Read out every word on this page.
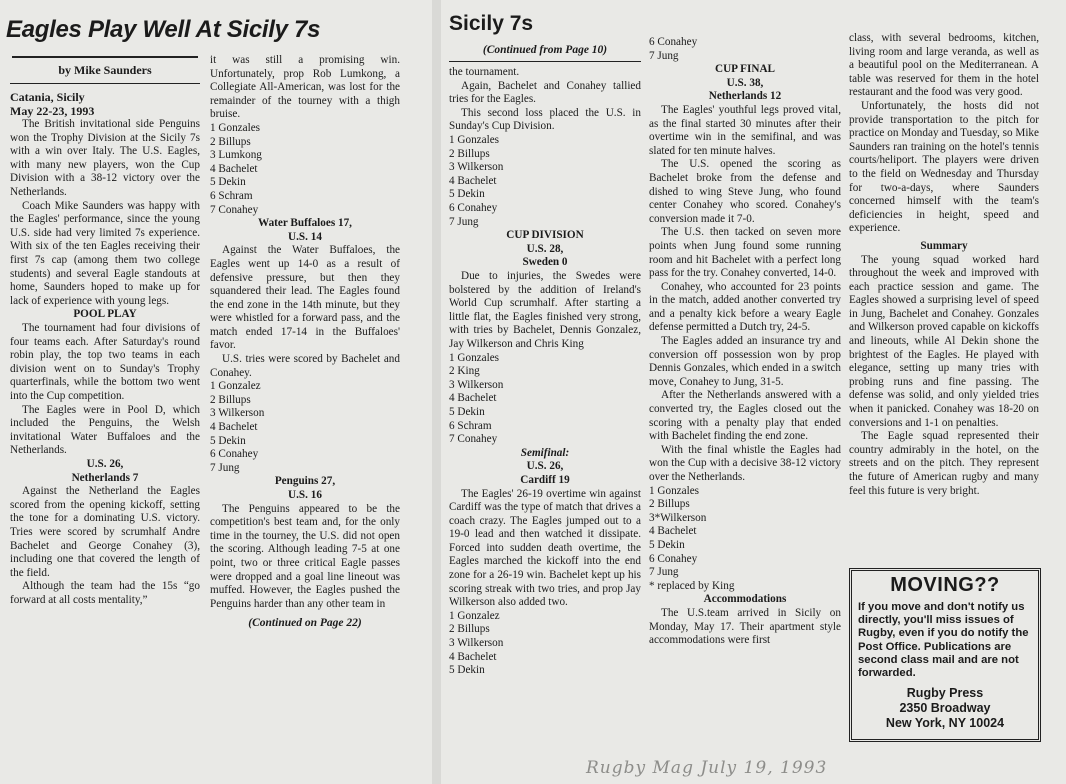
Eagles Play Well At Sicily 7s
by Mike Saunders
Catania, Sicily
May 22-23, 1993

The British invitational side Penguins won the Trophy Division at the Sicily 7s with a win over Italy. The U.S. Eagles, with many new players, won the Cup Division with a 38-12 victory over the Netherlands.

Coach Mike Saunders was happy with the Eagles' performance, since the young U.S. side had very limited 7s experience. With six of the ten Eagles receiving their first 7s cap (among them two college students) and several Eagle standouts at home, Saunders hoped to make up for lack of experience with young legs.

POOL PLAY

The tournament had four divisions of four teams each. After Saturday's round robin play, the top two teams in each division went on to Sunday's Trophy quarterfinals, while the bottom two went into the Cup competition.

The Eagles were in Pool D, which included the Penguins, the Welsh invitational Water Buffaloes and the Netherlands.

U.S. 26,
Netherlands 7

Against the Netherland the Eagles scored from the opening kickoff, setting the tone for a dominating U.S. victory. Tries were scored by scrumhalf Andre Bachelet and George Conahey (3), including one that covered the length of the field.

Although the team had the 15s “go forward at all costs mentality,”

it was still a promising win. Unfortunately, prop Rob Lumkong, a Collegiate All-American, was lost for the remainder of the tourney with a thigh bruise.

1 Gonzales
2 Billups
3 Lumkong
4 Bachelet
5 Dekin
6 Schram
7 Conahey
Water Buffaloes 17,
U.S. 14

Against the Water Buffaloes, the Eagles went up 14-0 as a result of defensive pressure, but then they squandered their lead. The Eagles found the end zone in the 14th minute, but they were whistled for a forward pass, and the match ended 17-14 in the Buffaloes' favor.

U.S. tries were scored by Bachelet and Conahey.

1 Gonzalez
2 Billups
3 Wilkerson
4 Bachelet
5 Dekin
6 Conahey
7 Jung
Penguins 27,
U.S. 16

The Penguins appeared to be the competition's best team and, for the only time in the tourney, the U.S. did not open the scoring. Although leading 7-5 at one point, two or three critical Eagle passes were dropped and a goal line lineout was muffed. However, the Eagles pushed the Penguins harder than any other team in

(Continued on Page 22)
Sicily 7s
(Continued from Page 10)

the tournament.

Again, Bachelet and Conahey tallied tries for the Eagles.

This second loss placed the U.S. in Sunday's Cup Division.

1 Gonzales
2 Billups
3 Wilkerson
4 Bachelet
5 Dekin
6 Conahey
7 Jung
CUP DIVISION
U.S. 28,
Sweden 0

Due to injuries, the Swedes were bolstered by the addition of Ireland's World Cup scrumhalf. After starting a little flat, the Eagles finished very strong, with tries by Bachelet, Dennis Gonzalez, Jay Wilkerson and Chris King

1 Gonzales
2 King
3 Wilkerson
4 Bachelet
5 Dekin
6 Schram
7 Conahey
Semifinal:
U.S. 26,
Cardiff 19

The Eagles' 26-19 overtime win against Cardiff was the type of match that drives a coach crazy. The Eagles jumped out to a 19-0 lead and then watched it dissipate. Forced into sudden death overtime, the Eagles marched the kickoff into the end zone for a 26-19 win. Bachelet kept up his scoring streak with two tries, and prop Jay Wilkerson also added two.

1 Gonzalez
2 Billups
3 Wilkerson
4 Bachelet
5 Dekin
6 Conahey
7 Jung
CUP FINAL
U.S. 38,
Netherlands 12

The Eagles' youthful legs proved vital, as the final started 30 minutes after their overtime win in the semifinal, and was slated for ten minute halves.

The U.S. opened the scoring as Bachelet broke from the defense and dished to wing Steve Jung, who found center Conahey who scored. Conahey's conversion made it 7-0.

The U.S. then tacked on seven more points when Jung found some running room and hit Bachelet with a perfect long pass for the try. Conahey converted, 14-0.

Conahey, who accounted for 23 points in the match, added another converted try and a penalty kick before a weary Eagle defense permitted a Dutch try, 24-5.

The Eagles added an insurance try and conversion off possession won by prop Dennis Gonzales, which ended in a switch move, Conahey to Jung, 31-5.

After the Netherlands answered with a converted try, the Eagles closed out the scoring with a penalty play that ended with Bachelet finding the end zone.

With the final whistle the Eagles had won the Cup with a decisive 38-12 victory over the Netherlands.

1 Gonzales
2 Billups
3*Wilkerson
4 Bachelet
5 Dekin
6 Conahey
7 Jung
* replaced by King
Accommodations

The U.S.team arrived in Sicily on Monday, May 17. Their apartment style accommodations were first

class, with several bedrooms, kitchen, living room and large veranda, as well as a beautiful pool on the Mediterranean. A table was reserved for them in the hotel restaurant and the food was very good.

Unfortunately, the hosts did not provide transportation to the pitch for practice on Monday and Tuesday, so Mike Saunders ran training on the hotel's tennis courts/heliport. The players were driven to the field on Wednesday and Thursday for two-a-days, where Saunders concerned himself with the team's deficiencies in height, speed and experience.

Summary

The young squad worked hard throughout the week and improved with each practice session and game. The Eagles showed a surprising level of speed in Jung, Bachelet and Conahey. Gonzales and Wilkerson proved capable on kickoffs and lineouts, while Al Dekin shone the brightest of the Eagles. He played with elegance, setting up many tries with probing runs and fine passing. The defense was solid, and only yielded tries when it panicked. Conahey was 18-20 on conversions and 1-1 on penalties.

The Eagle squad represented their country admirably in the hotel, on the streets and on the pitch. They represent the future of American rugby and many feel this future is very bright.

MOVING??
If you move and don't notify us directly, you'll miss issues of Rugby, even if you do notify the Post Office. Publications are second class mail and are not forwarded.
Rugby Press
2350 Broadway
New York, NY 10024
Rugby Mag July 19, 1993
